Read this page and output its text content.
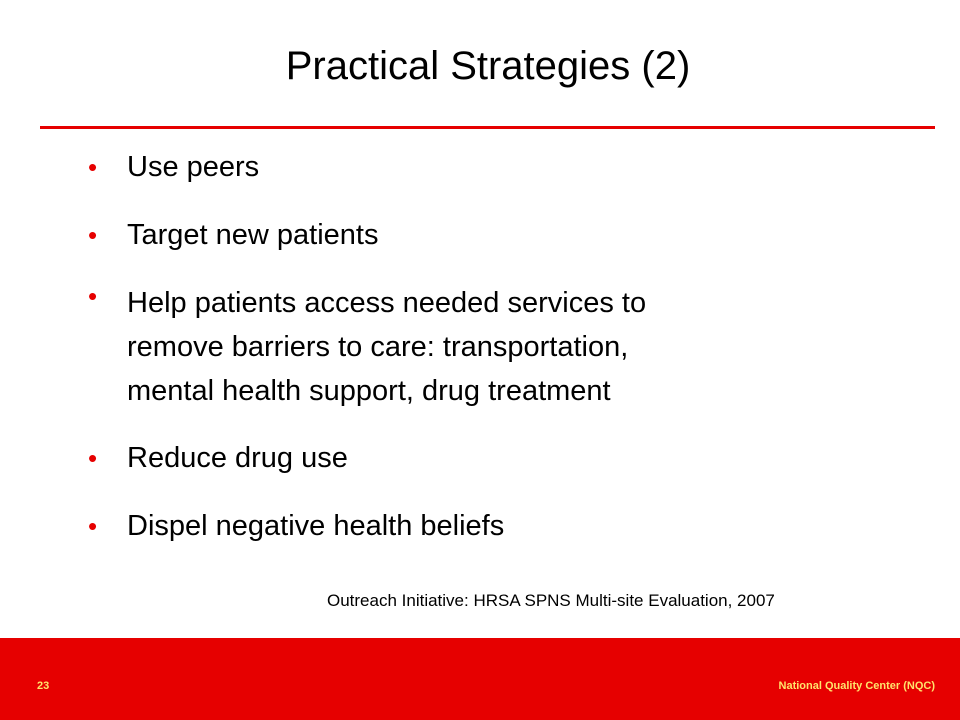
Practical Strategies (2)
• Use peers
• Target new patients
• Help patients access needed services to
remove barriers to care: transportation,
mental health support, drug treatment
• Reduce drug use
• Dispel negative health beliefs
Outreach Initiative: HRSA SPNS Multi-site Evaluation, 2007
23	National Quality Center (NQC)
